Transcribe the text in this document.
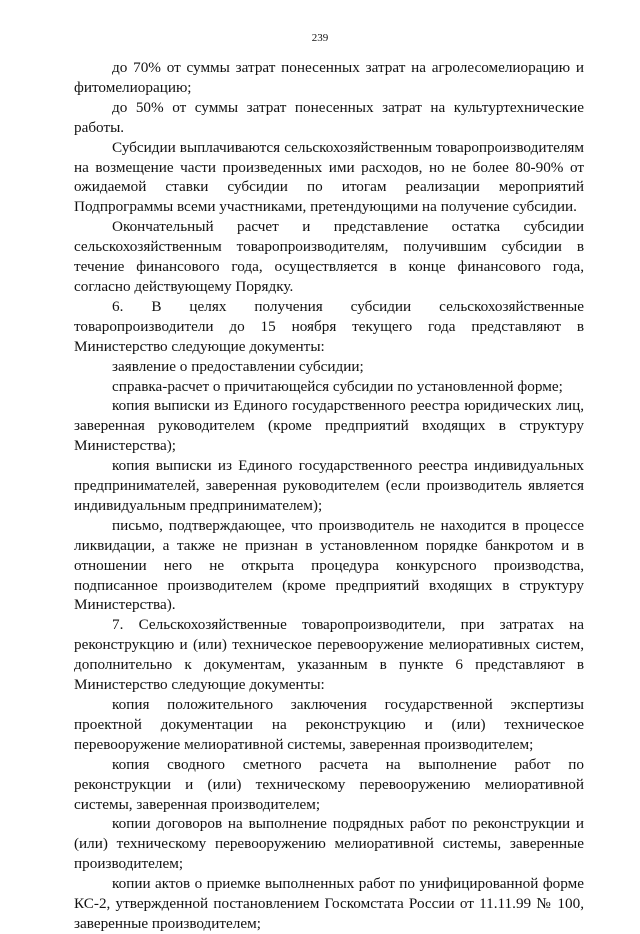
239

до 70% от суммы затрат понесенных затрат на агролесомелиорацию и фитомелиорацию;

до 50% от суммы затрат понесенных затрат на культуртехнические работы.

Субсидии выплачиваются сельскохозяйственным товаропроизводителям на возмещение части произведенных ими расходов, но не более 80-90% от ожидаемой ставки субсидии по итогам реализации мероприятий Подпрограммы всеми участниками, претендующими на получение субсидии.

Окончательный расчет и представление остатка субсидии сельскохозяйственным товаропроизводителям, получившим субсидии в течение финансового года, осуществляется в конце финансового года, согласно действующему Порядку.

6. В целях получения субсидии сельскохозяйственные товаропроизводители до 15 ноября текущего года представляют в Министерство следующие документы:

заявление о предоставлении субсидии;

справка-расчет о причитающейся субсидии по установленной форме;

копия выписки из Единого государственного реестра юридических лиц, заверенная руководителем (кроме предприятий входящих в структуру Министерства);

копия выписки из Единого государственного реестра индивидуальных предпринимателей, заверенная руководителем (если производитель является индивидуальным предпринимателем);

письмо, подтверждающее, что производитель не находится в процессе ликвидации, а также не признан в установленном порядке банкротом и в отношении него не открыта процедура конкурсного производства, подписанное производителем (кроме предприятий входящих в структуру Министерства).

7. Сельскохозяйственные товаропроизводители, при затратах на реконструкцию и (или) техническое перевооружение мелиоративных систем, дополнительно к документам, указанным в пункте 6 представляют в Министерство следующие документы:

копия положительного заключения государственной экспертизы проектной документации на реконструкцию и (или) техническое перевооружение мелиоративной системы, заверенная производителем;

копия сводного сметного расчета на выполнение работ по реконструкции и (или) техническому перевооружению мелиоративной системы, заверенная производителем;

копии договоров на выполнение подрядных работ по реконструкции и (или) техническому перевооружению мелиоративной системы, заверенные производителем;

копии актов о приемке выполненных работ по унифицированной форме КС-2, утвержденной постановлением Госкомстата России от 11.11.99 № 100, заверенные производителем;
